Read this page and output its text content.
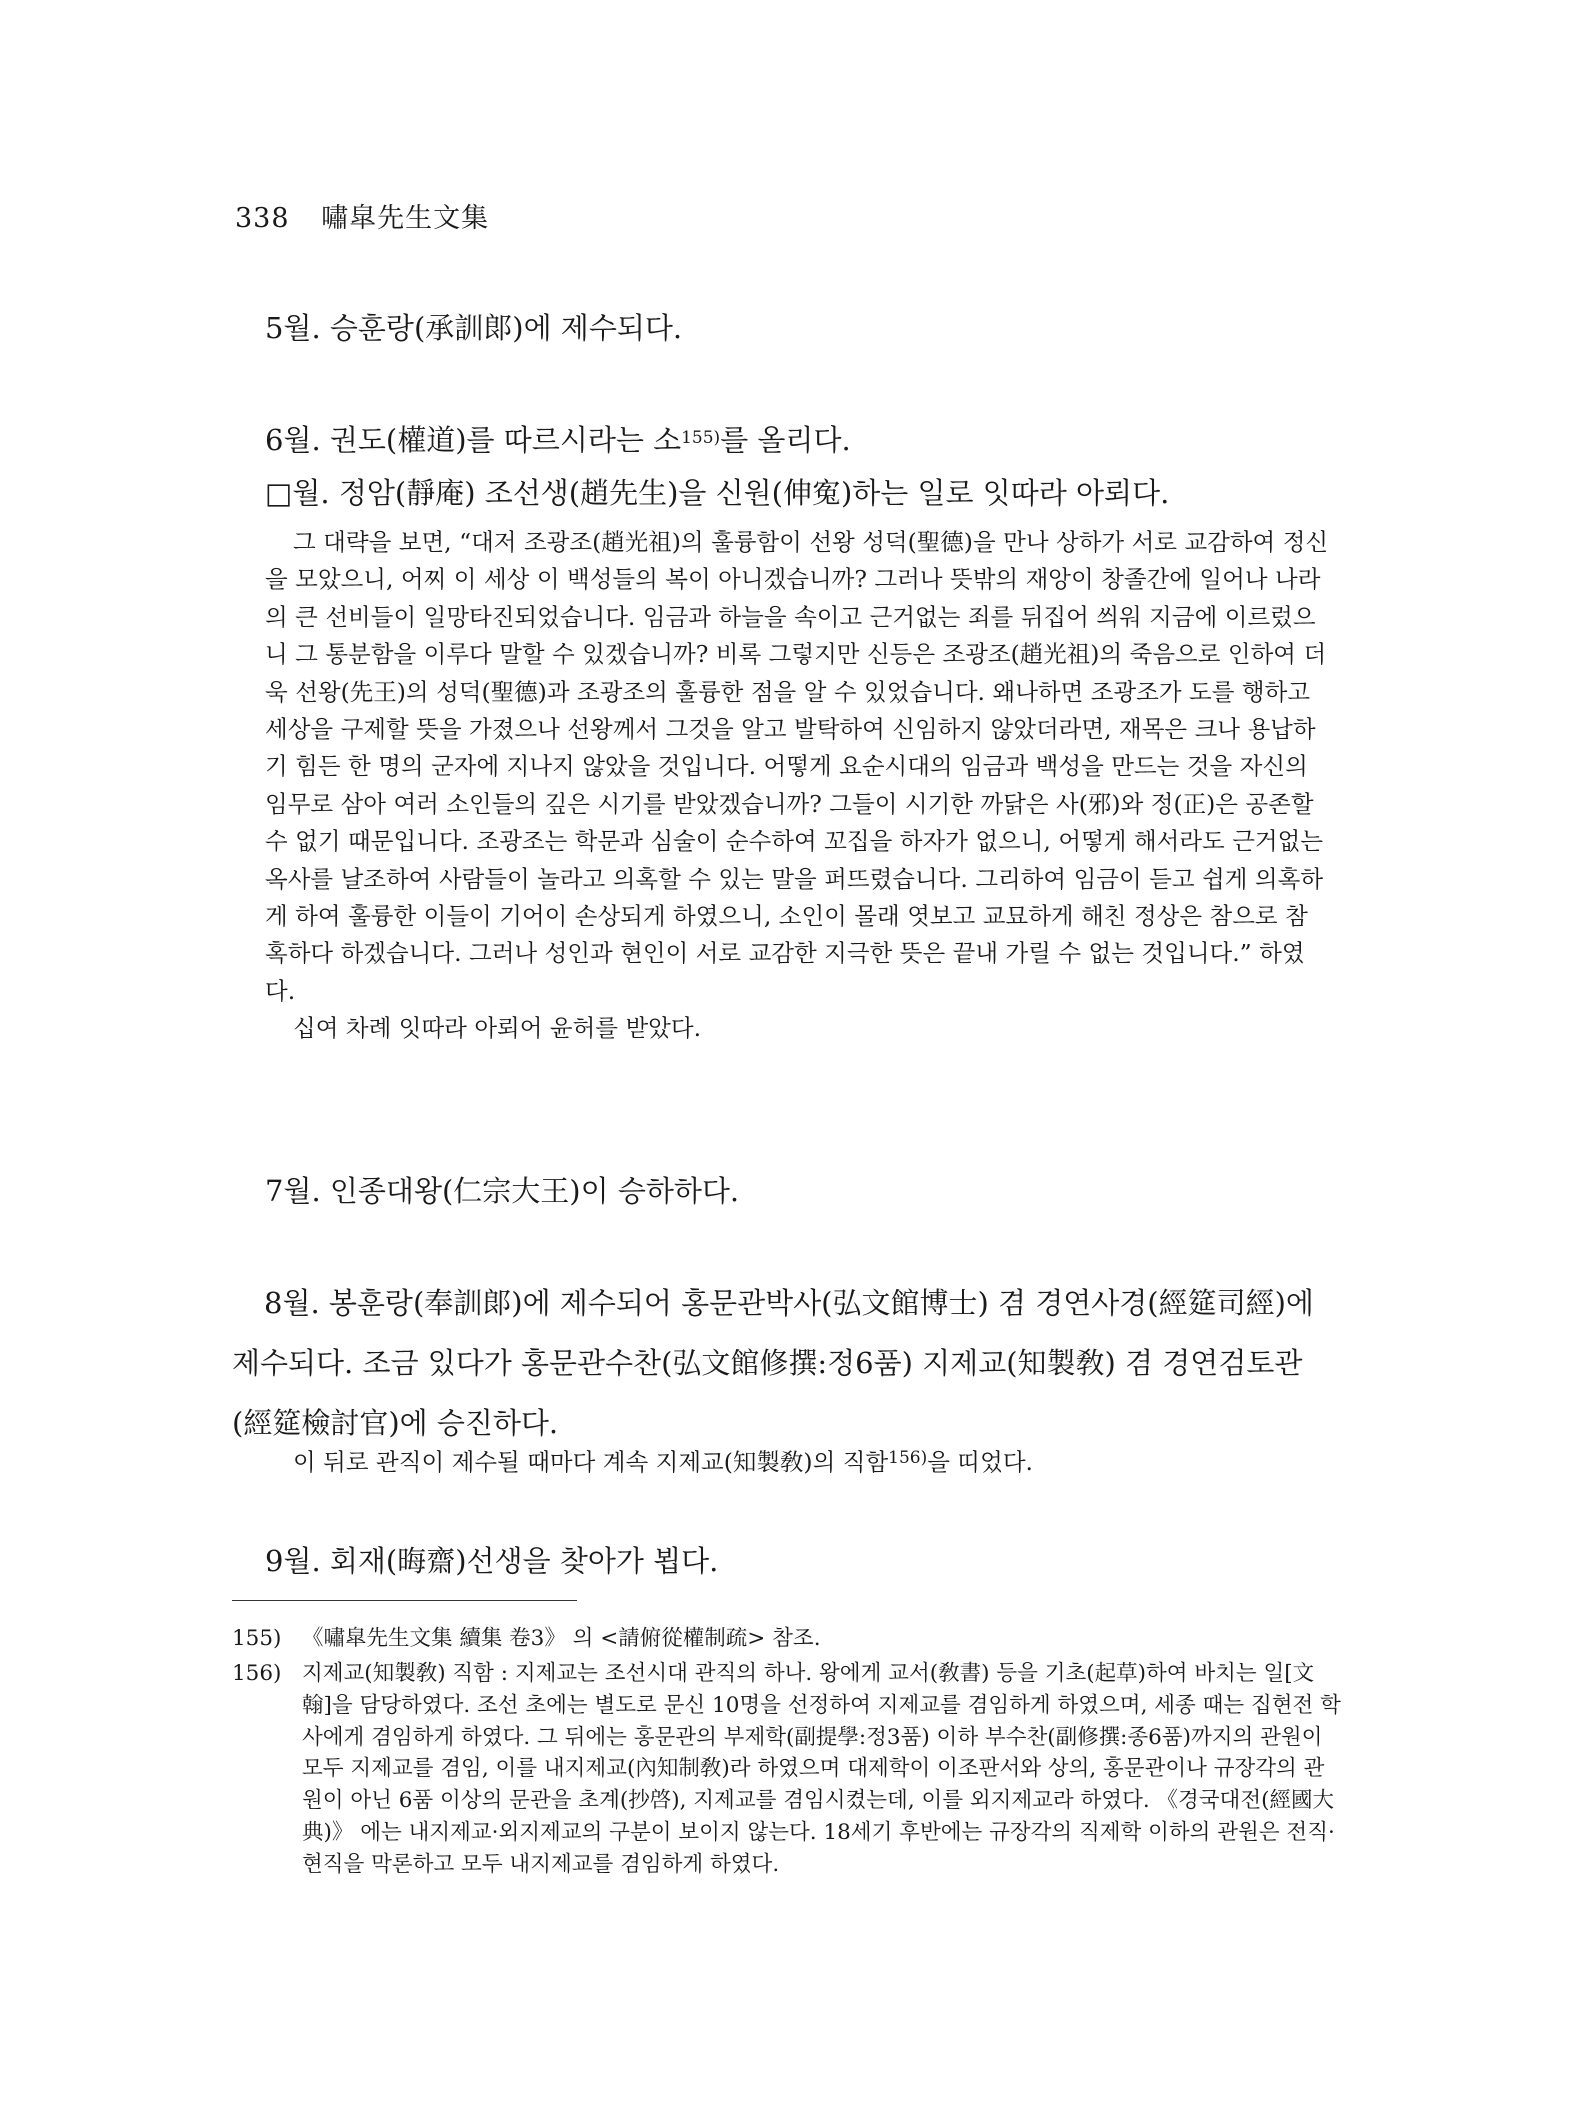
338 嘯皐先生文集
5월. 승훈랑(承訓郞)에 제수되다.
6월. 권도(權道)를 따르시라는 소$^{155)}$를 올리다.
□월. 정암(靜庵) 조선생(趙先生)을 신원(伸寃)하는 일로 잇따라 아뢰다.

그 대략을 보면, “대저 조광조(趙光祖)의 훌륭함이 선왕 성덕(聖德)을 만나 상하가 서로 교감하여 정신을 모았으니, 어찌 이 세상 이 백성들의 복이 아니겠습니까? 그러나 뜻밖의 재앙이 창졸간에 일어나 나라의 큰 선비들이 일망타진되었습니다. 임금과 하늘을 속이고 근거없는 죄를 뒤집어 씌워 지금에 이르렀으니 그 통분함을 이루다 말할 수 있겠습니까? 비록 그렇지만 신등은 조광조(趙光祖)의 죽음으로 인하여 더욱 선왕(先王)의 성덕(聖德)과 조광조의 훌륭한 점을 알 수 있었습니다. 왜나하면 조광조가 도를 행하고 세상을 구제할 뜻을 가졌으나 선왕께서 그것을 알고 발탁하여 신임하지 않았더라면, 재목은 크나 용납하기 힘든 한 명의 군자에 지나지 않았을 것입니다. 어떻게 요순시대의 임금과 백성을 만드는 것을 자신의 임무로 삼아 여러 소인들의 깊은 시기를 받았겠습니까? 그들이 시기한 까닭은 사(邪)와 정(正)은 공존할 수 없기 때문입니다. 조광조는 학문과 심술이 순수하여 꼬집을 하자가 없으니, 어떻게 해서라도 근거없는 옥사를 날조하여 사람들이 놀라고 의혹할 수 있는 말을 퍼뜨렸습니다. 그리하여 임금이 듣고 쉽게 의혹하게 하여 훌륭한 이들이 기어이 손상되게 하였으니, 소인이 몰래 엿보고 교묘하게 해친 정상은 참으로 참혹하다 하겠습니다. 그러나 성인과 현인이 서로 교감한 지극한 뜻은 끝내 가릴 수 없는 것입니다.” 하였다.

십여 차례 잇따라 아뢰어 윤허를 받았다.

7월. 인종대왕(仁宗大王)이 승하하다.

8월. 봉훈랑(奉訓郞)에 제수되어 홍문관박사(弘文館博士) 겸 경연사경(經筵司經)에 제수되다. 조금 있다가 홍문관수찬(弘文館修撰:정6품) 지제교(知製敎) 겸 경연검토관(經筵檢討官)에 승진하다.

이 뒤로 관직이 제수될 때마다 계속 지제교(知製敎)의 직함$^{156)}$을 띠었다.
9월. 회재(晦齋)선생을 찾아가 뵙다.
155) 《嘯皐先生文集 續集 卷3》 의 <請俯從權制疏> 참조.
156) 지제교(知製敎) 직함 : 지제교는 조선시대 관직의 하나. 왕에게 교서(敎書) 등을 기초(起草)하여 바치는 일[文翰]을 담당하였다. 조선 초에는 별도로 문신 10명을 선정하여 지제교를 겸임하게 하였으며, 세종 때는 집현전 학사에게 겸임하게 하였다. 그 뒤에는 홍문관의 부제학(副提學:정3품) 이하 부수찬(副修撰:종6품)까지의 관원이 모두 지제교를 겸임, 이를 내지제교(內知制敎)라 하였으며 대제학이 이조판서와 상의, 홍문관이나 규장각의 관원이 아닌 6품 이상의 문관을 초계(抄啓), 지제교를 겸임시켰는데, 이를 외지제교라 하였다. 《경국대전(經國大典)》 에는 내지제교·외지제교의 구분이 보이지 않는다. 18세기 후반에는 규장각의 직제학 이하의 관원은 전직·현직을 막론하고 모두 내지제교를 겸임하게 하였다.
